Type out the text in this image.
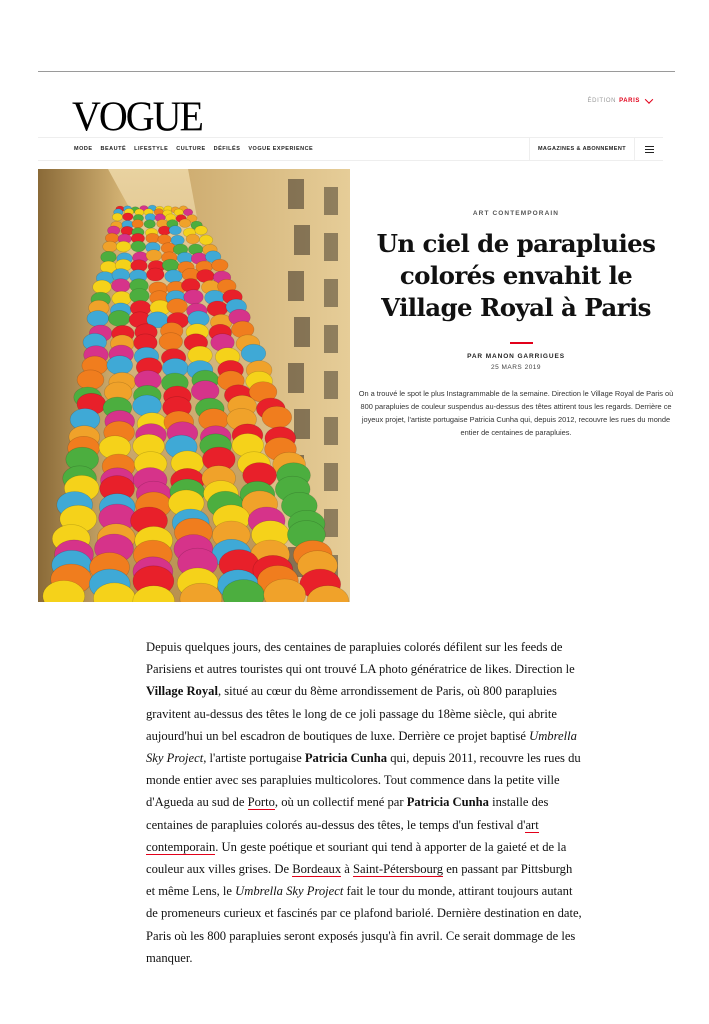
VOGUE	ÉDITION PARIS
MODE BEAUTÉ LIFESTYLE CULTURE DÉFILÉS VOGUE EXPERIENCE	MAGAZINES & ABONNEMENT
ART CONTEMPORAIN
Un ciel de parapluies colorés envahit le Village Royal à Paris
PAR MANON GARRIGUES
25 MARS 2019

On a trouvé le spot le plus Instagrammable de la semaine. Direction le Village Royal de Paris où 800 parapluies de couleur suspendus au-dessus des têtes attirent tous les regards. Derrière ce joyeux projet, l'artiste portugaise Patricia Cunha qui, depuis 2012, recouvre les rues du monde entier de centaines de parapluies.

Depuis quelques jours, des centaines de parapluies colorés défilent sur les feeds de Parisiens et autres touristes qui ont trouvé LA photo génératrice de likes. Direction le Village Royal, situé au cœur du 8ème arrondissement de Paris, où 800 parapluies gravitent au-dessus des têtes le long de ce joli passage du 18ème siècle, qui abrite aujourd'hui un bel escadron de boutiques de luxe. Derrière ce projet baptisé Umbrella Sky Project, l'artiste portugaise Patricia Cunha qui, depuis 2011, recouvre les rues du monde entier avec ses parapluies multicolores. Tout commence dans la petite ville d'Agueda au sud de Porto, où un collectif mené par Patricia Cunha installe des centaines de parapluies colorés au-dessus des têtes, le temps d'un festival d'art contemporain. Un geste poétique et souriant qui tend à apporter de la gaieté et de la couleur aux villes grises. De Bordeaux à Saint-Pétersbourg en passant par Pittsburgh et même Lens, le Umbrella Sky Project fait le tour du monde, attirant toujours autant de promeneurs curieux et fascinés par ce plafond bariolé. Dernière destination en date, Paris où les 800 parapluies seront exposés jusqu'à fin avril. Ce serait dommage de les manquer.
